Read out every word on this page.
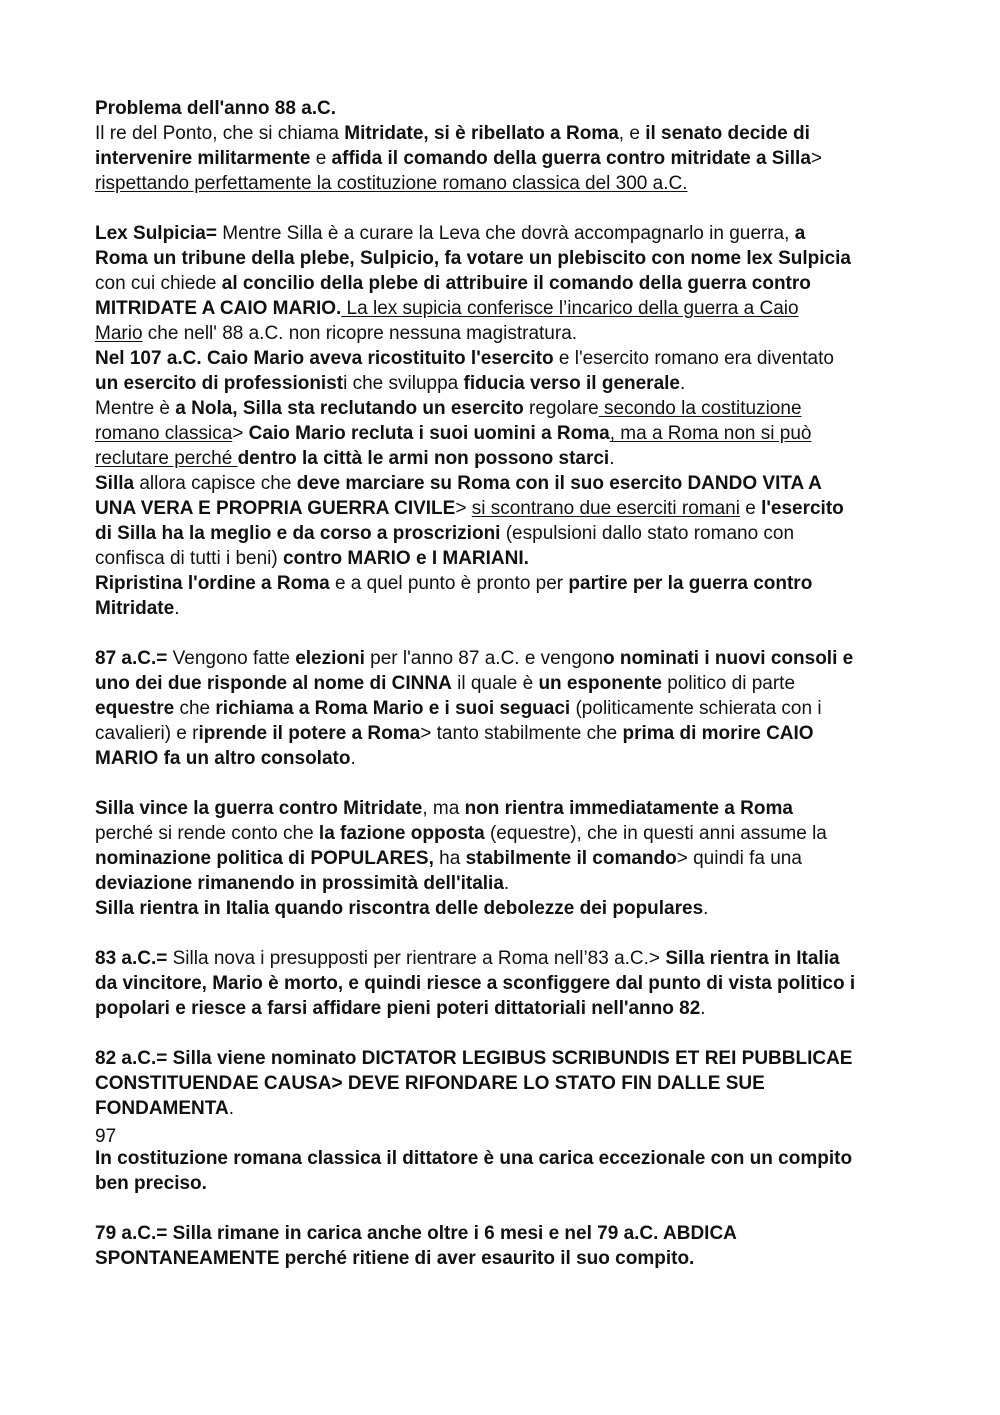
Problema dell'anno 88 a.C.
Il re del Ponto, che si chiama Mitridate, si è ribellato a Roma, e il senato decide di
intervenire militarmente e affida il comando della guerra contro mitridate a Silla>
rispettando perfettamente la costituzione romano classica del 300 a.C.
Lex Sulpicia= Mentre Silla è a curare la Leva che dovrà accompagnarlo in guerra, a
Roma un tribune della plebe, Sulpicio, fa votare un plebiscito con nome lex Sulpicia
con cui chiede al concilio della plebe di attribuire il comando della guerra contro
MITRIDATE A CAIO MARIO. La lex supicia conferisce l’incarico della guerra a Caio
Mario che nell' 88 a.C. non ricopre nessuna magistratura.
Nel 107 a.C. Caio Mario aveva ricostituito l'esercito e l'esercito romano era diventato
un esercito di professionisti che sviluppa fiducia verso il generale.
Mentre è a Nola, Silla sta reclutando un esercito regolare secondo la costituzione
romano classica> Caio Mario recluta i suoi uomini a Roma, ma a Roma non si può
reclutare perché dentro la città le armi non possono starci.
Silla allora capisce che deve marciare su Roma con il suo esercito DANDO VITA A
UNA VERA E PROPRIA GUERRA CIVILE> si scontrano due eserciti romani e l'esercito
di Silla ha la meglio e da corso a proscrizioni (espulsioni dallo stato romano con
confisca di tutti i beni) contro MARIO e I MARIANI.
Ripristina l'ordine a Roma e a quel punto è pronto per partire per la guerra contro
Mitridate.
87 a.C.= Vengono fatte elezioni per l'anno 87 a.C. e vengono nominati i nuovi consoli e
uno dei due risponde al nome di CINNA il quale è un esponente politico di parte
equestre che richiama a Roma Mario e i suoi seguaci (politicamente schierata con i
cavalieri) e riprende il potere a Roma> tanto stabilmente che prima di morire CAIO
MARIO fa un altro consolato.
Silla vince la guerra contro Mitridate, ma non rientra immediatamente a Roma
perché si rende conto che la fazione opposta (equestre), che in questi anni assume la
nominazione politica di POPULARES, ha stabilmente il comando> quindi fa una
deviazione rimanendo in prossimità dell'italia.
Silla rientra in Italia quando riscontra delle debolezze dei populares.
83 a.C.= Silla nova i presupposti per rientrare a Roma nell’83 a.C.> Silla rientra in Italia
da vincitore, Mario è morto, e quindi riesce a sconfiggere dal punto di vista politico i
popolari e riesce a farsi affidare pieni poteri dittatoriali nell'anno 82.
82 a.C.= Silla viene nominato DICTATOR LEGIBUS SCRIBUNDIS ET REI PUBBLICAE
CONSTITUENDAE CAUSA> DEVE RIFONDARE LO STATO FIN DALLE SUE
FONDAMENTA.
In costituzione romana classica il dittatore è una carica eccezionale con un compito
ben preciso.
79 a.C.= Silla rimane in carica anche oltre i 6 mesi e nel 79 a.C. ABDICA
SPONTANEAMENTE perché ritiene di aver esaurito il suo compito.
97
